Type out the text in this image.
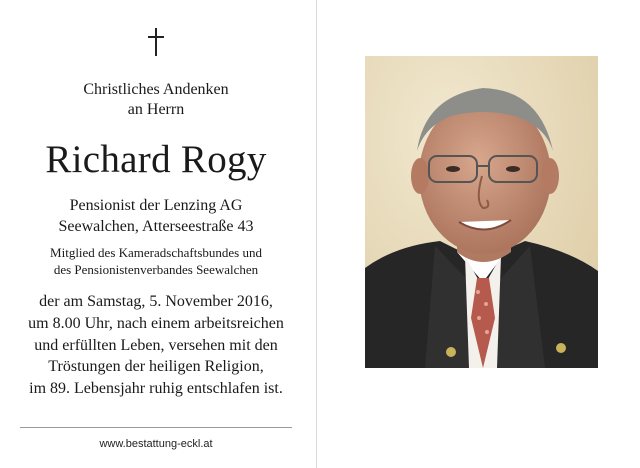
Christliches Andenken
an Herrn
Richard Rogy
Pensionist der Lenzing AG
Seewalchen, Atterseestraße 43
Mitglied des Kameradschaftsbundes und
des Pensionistenverbandes Seewalchen
der am Samstag, 5. November 2016,
um 8.00 Uhr, nach einem arbeitsreichen
und erfüllten Leben, versehen mit den
Tröstungen der heiligen Religion,
im 89. Lebensjahr ruhig entschlafen ist.
www.bestattung-eckl.at
